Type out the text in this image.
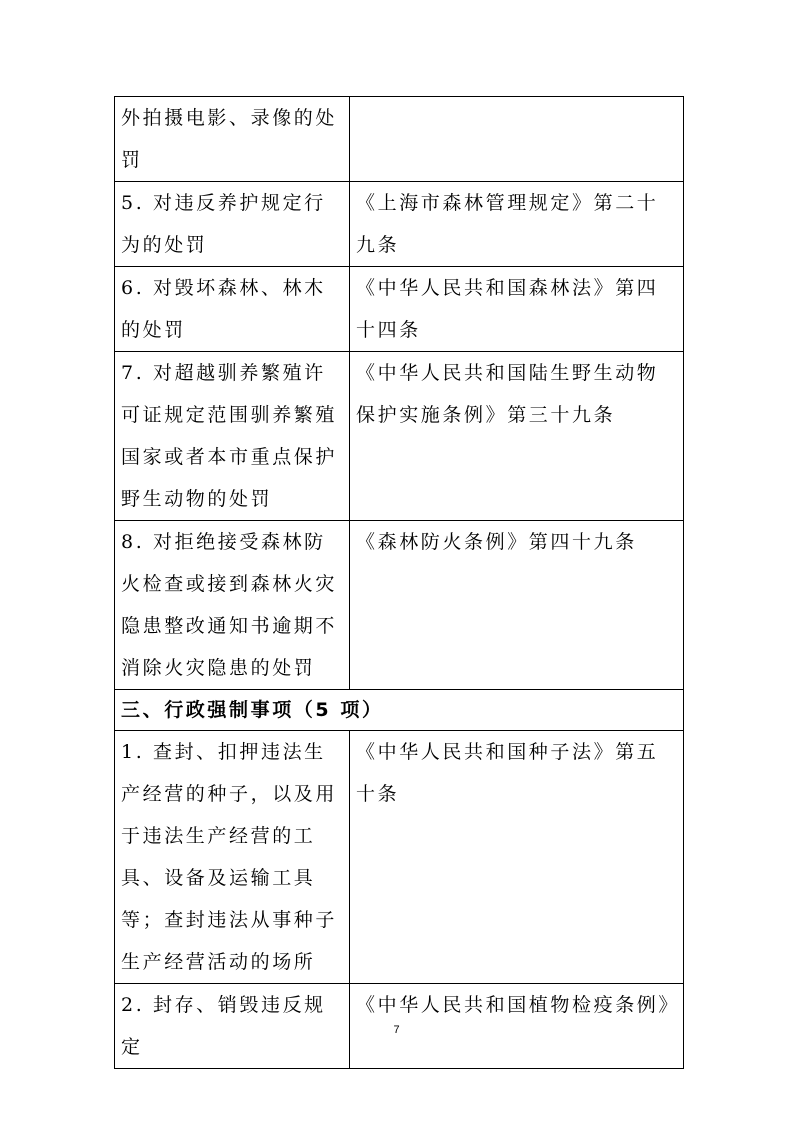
外拍摄电影、录像的处罚	
5. 对违反养护规定行为的处罚	《上海市森林管理规定》第二十九条
6. 对毁坏森林、林木的处罚	《中华人民共和国森林法》第四十四条
7. 对超越驯养繁殖许可证规定范围驯养繁殖国家或者本市重点保护野生动物的处罚	《中华人民共和国陆生野生动物保护实施条例》第三十九条
8. 对拒绝接受森林防火检查或接到森林火灾隐患整改通知书逾期不消除火灾隐患的处罚	《森林防火条例》第四十九条
三、行政强制事项（5 项）	
1. 查封、扣押违法生产经营的种子，以及用于违法生产经营的工具、设备及运输工具等；查封违法从事种子生产经营活动的场所	《中华人民共和国种子法》第五十条
2. 封存、销毁违反规定	《中华人民共和国植物检疫条例》
7
